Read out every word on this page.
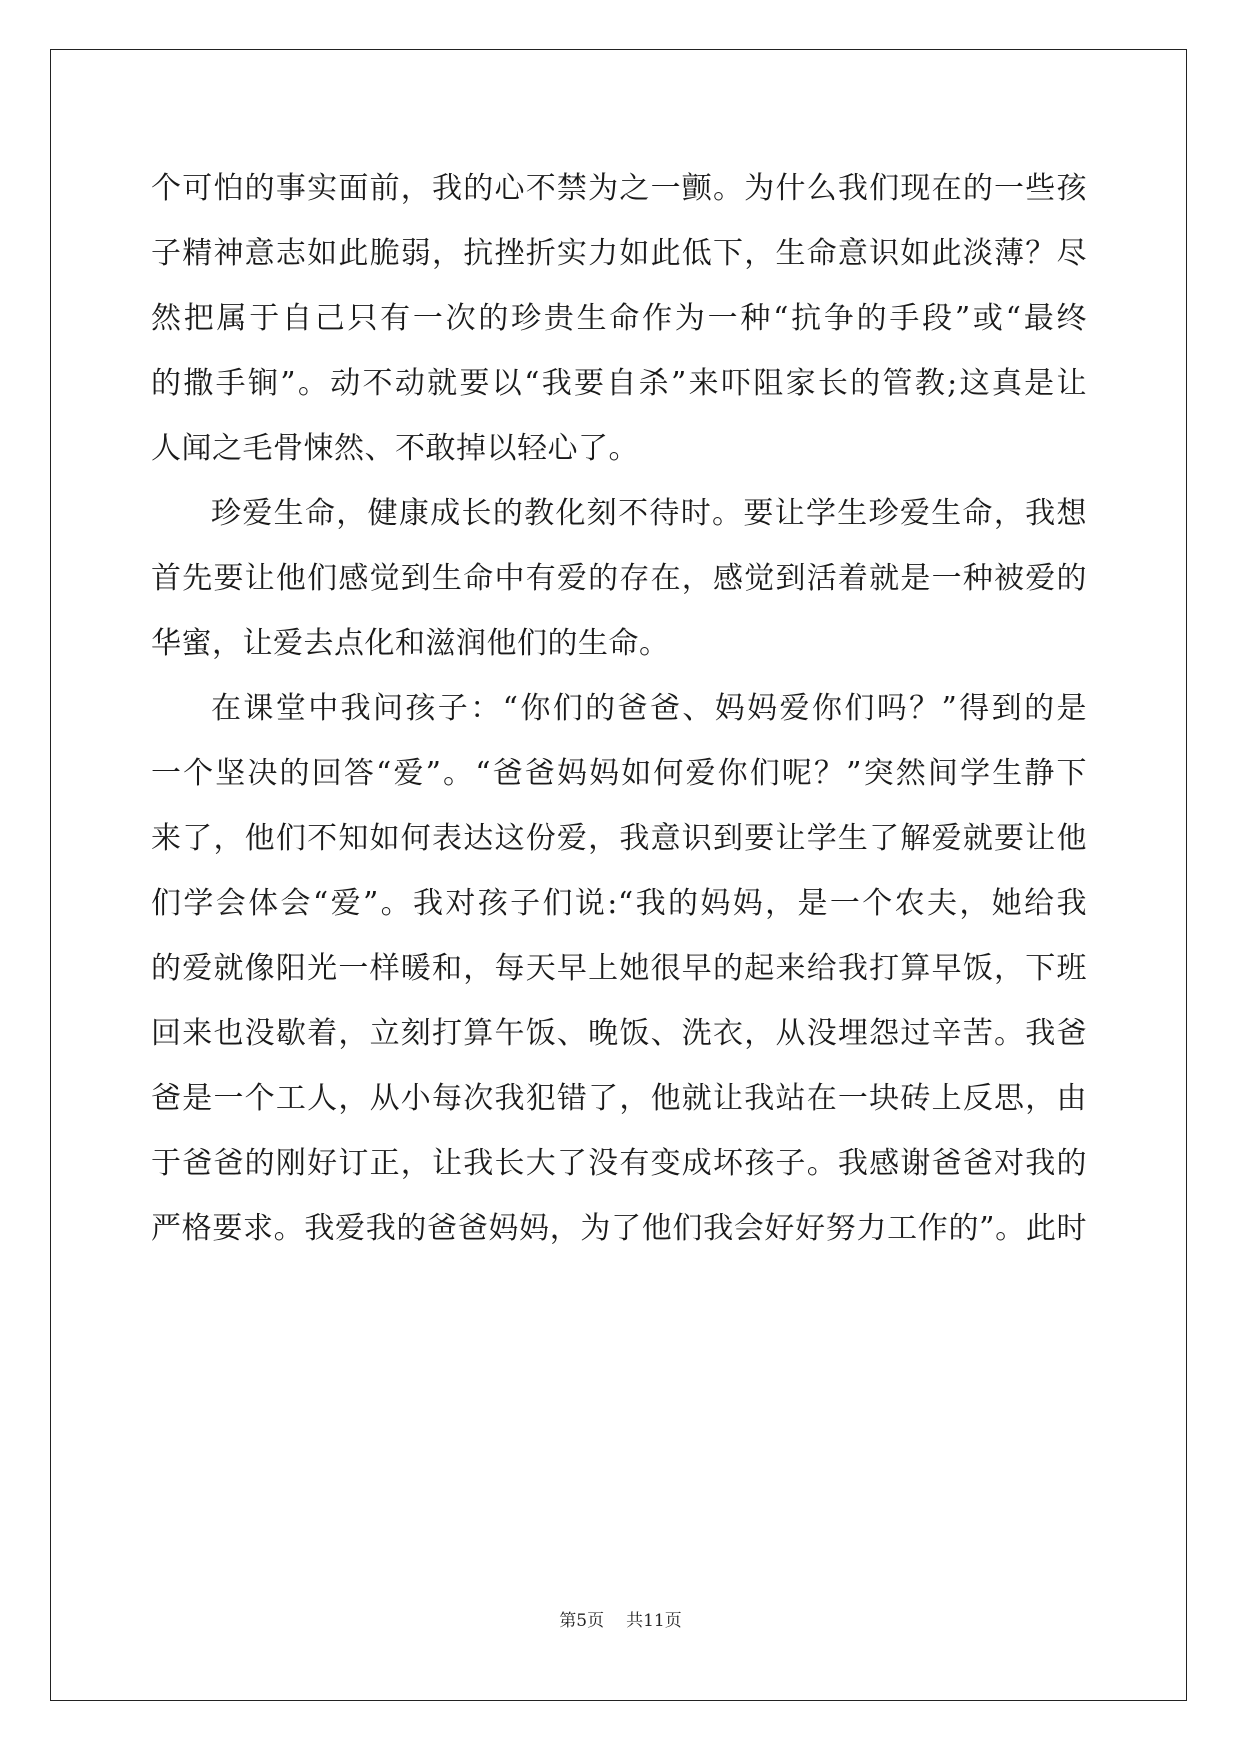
个可怕的事实面前，我的心不禁为之一颤。为什么我们现在的一些孩
子精神意志如此脆弱，抗挫折实力如此低下，生命意识如此淡薄？尽
然把属于自己只有一次的珍贵生命作为一种“抗争的手段”或“最终
的撒手锏”。动不动就要以“我要自杀”来吓阻家长的管教;这真是让
人闻之毛骨悚然、不敢掉以轻心了。
珍爱生命，健康成长的教化刻不待时。要让学生珍爱生命，我想
首先要让他们感觉到生命中有爱的存在，感觉到活着就是一种被爱的
华蜜，让爱去点化和滋润他们的生命。
在课堂中我问孩子：“你们的爸爸、妈妈爱你们吗？”得到的是
一个坚决的回答“爱”。“爸爸妈妈如何爱你们呢？”突然间学生静下
来了，他们不知如何表达这份爱，我意识到要让学生了解爱就要让他
们学会体会“爱”。我对孩子们说:“我的妈妈，是一个农夫，她给我
的爱就像阳光一样暖和，每天早上她很早的起来给我打算早饭，下班
回来也没歇着，立刻打算午饭、晚饭、洗衣，从没埋怨过辛苦。我爸
爸是一个工人，从小每次我犯错了，他就让我站在一块砖上反思，由
于爸爸的刚好订正，让我长大了没有变成坏孩子。我感谢爸爸对我的
严格要求。我爱我的爸爸妈妈，为了他们我会好好努力工作的”。此时
第5页 共11页
